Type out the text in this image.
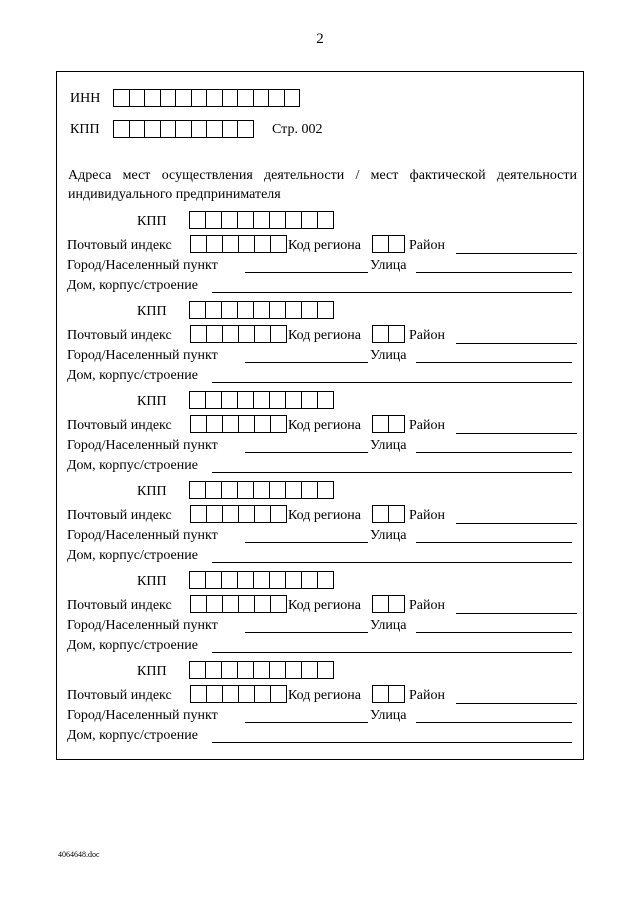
2
ИНН
КПП	Стр. 002
Адреса мест осуществления деятельности / мест фактической деятельности индивидуального предпринимателя
КПП
Почтовый индекс	Код региона	Район
Город/Населенный пункт	Улица
Дом, корпус/строение
КПП
Почтовый индекс	Код региона	Район
Город/Населенный пункт	Улица
Дом, корпус/строение
КПП
Почтовый индекс	Код региона	Район
Город/Населенный пункт	Улица
Дом, корпус/строение
КПП
Почтовый индекс	Код региона	Район
Город/Населенный пункт	Улица
Дом, корпус/строение
КПП
Почтовый индекс	Код региона	Район
Город/Населенный пункт	Улица
Дом, корпус/строение
КПП
Почтовый индекс	Код региона	Район
Город/Населенный пункт	Улица
Дом, корпус/строение
4064648.doc
